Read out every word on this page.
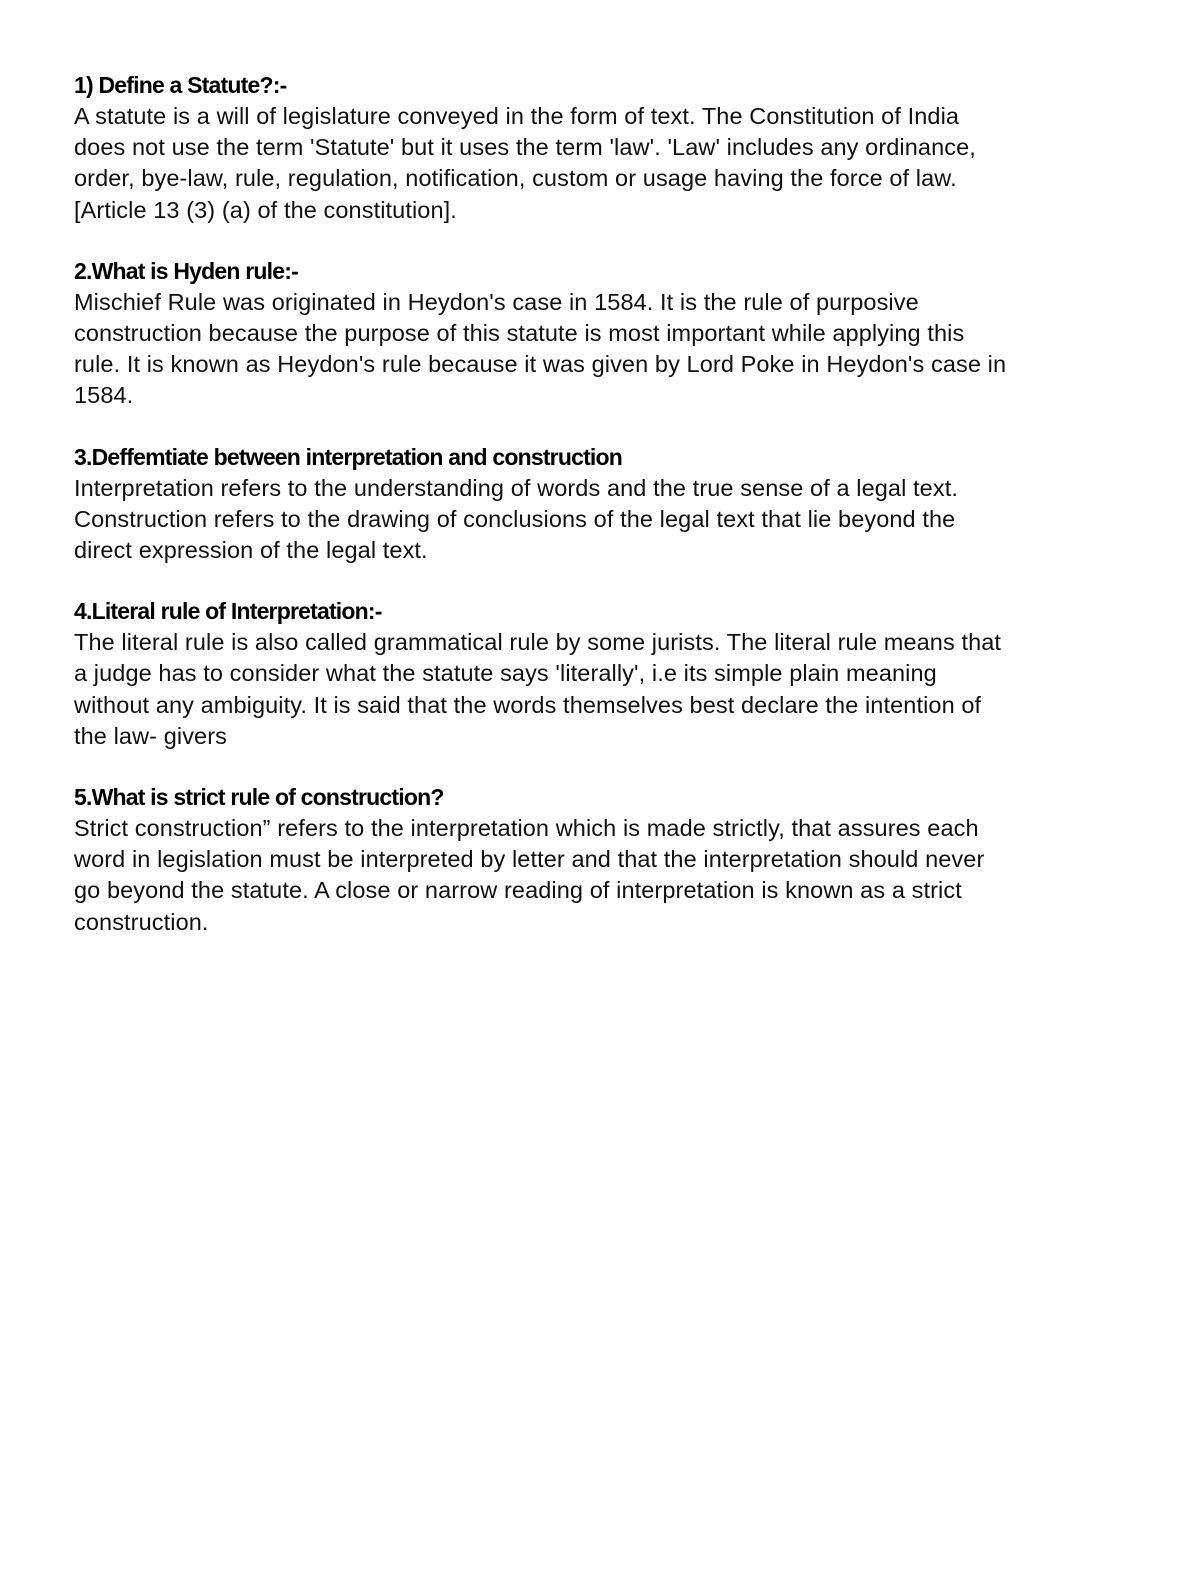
1) Define a Statute?:-

A statute is a will of legislature conveyed in the form of text. The Constitution of India
does not use the term 'Statute' but it uses the term 'law'. 'Law' includes any ordinance,
order, bye-law, rule, regulation, notification, custom or usage having the force of law.
[Article 13 (3) (a) of the constitution].

2.What is Hyden rule:-

Mischief Rule was originated in Heydon's case in 1584. It is the rule of purposive
construction because the purpose of this statute is most important while applying this
rule. It is known as Heydon's rule because it was given by Lord Poke in Heydon's case in
1584.

3.Deffemtiate between interpretation and construction

Interpretation refers to the understanding of words and the true sense of a legal text.
Construction refers to the drawing of conclusions of the legal text that lie beyond the
direct expression of the legal text.

4.Literal rule of Interpretation:-

The literal rule is also called grammatical rule by some jurists. The literal rule means that
a judge has to consider what the statute says 'literally', i.e its simple plain meaning
without any ambiguity. It is said that the words themselves best declare the intention of
the law- givers

5.What is strict rule of construction?

Strict construction” refers to the interpretation which is made strictly, that assures each
word in legislation must be interpreted by letter and that the interpretation should never
go beyond the statute. A close or narrow reading of interpretation is known as a strict
construction.
